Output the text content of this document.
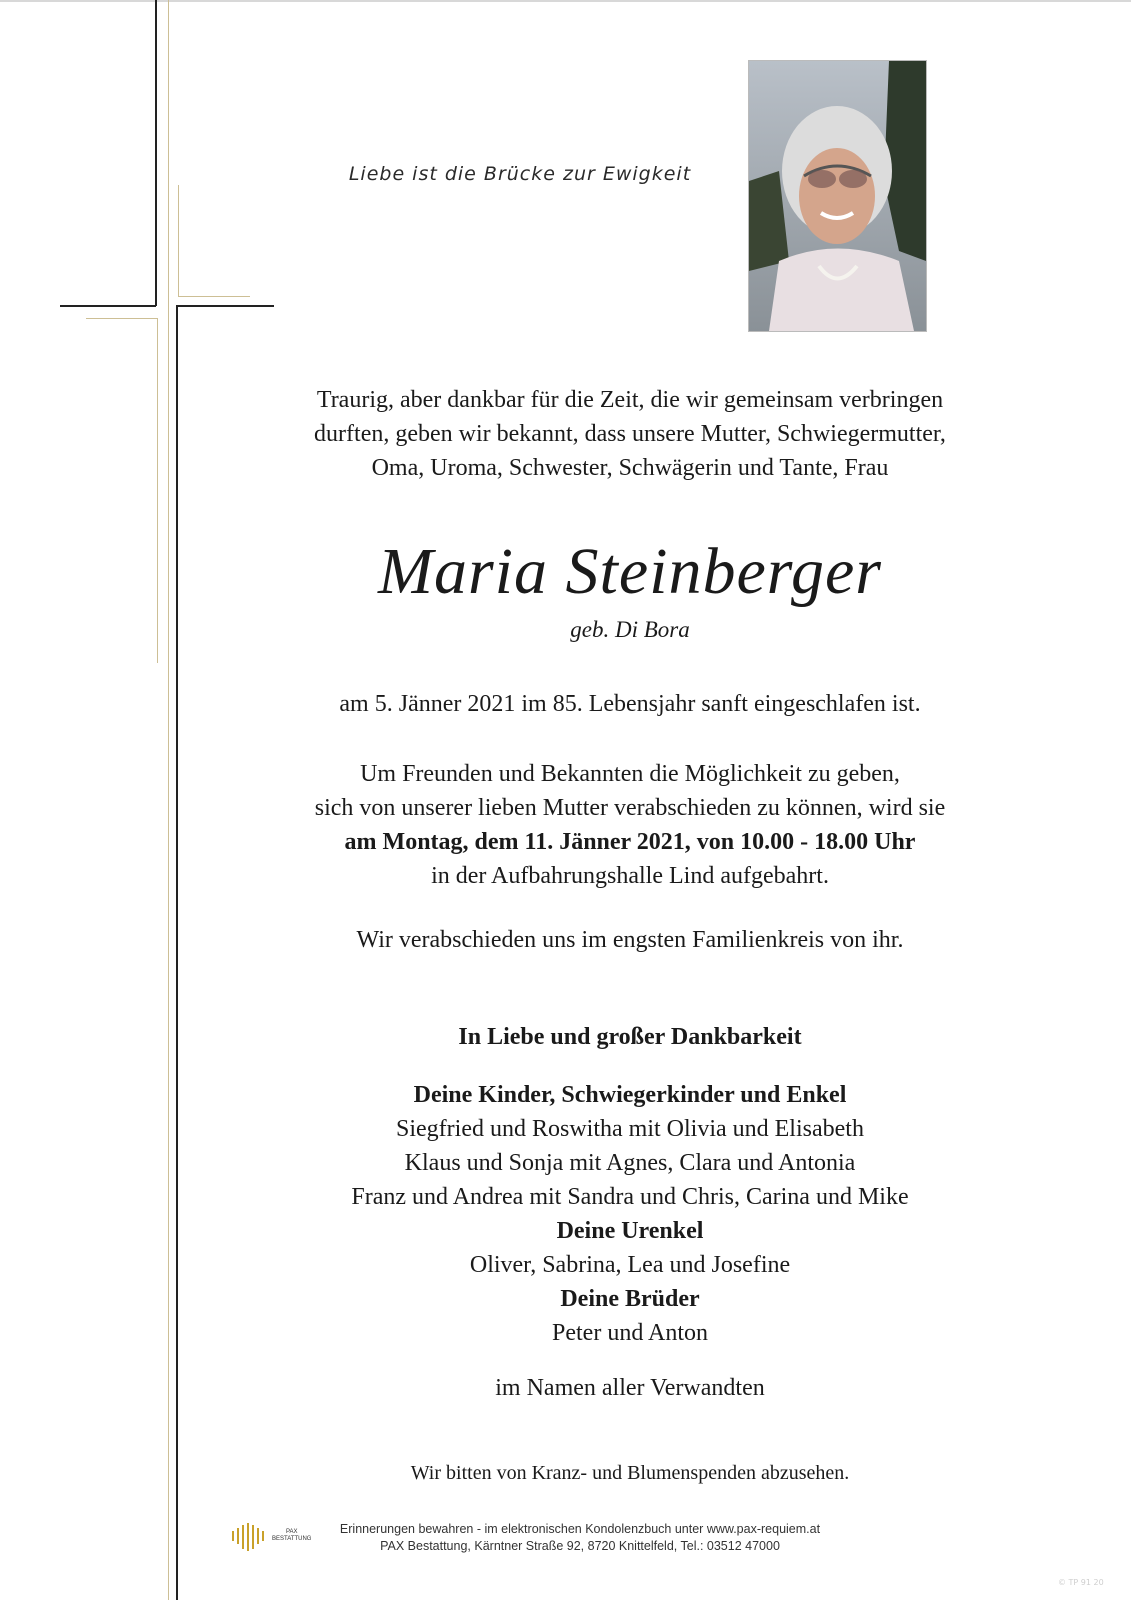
Liebe ist die Brücke zur Ewigkeit
Traurig, aber dankbar für die Zeit, die wir gemeinsam verbringen
durften, geben wir bekannt, dass unsere Mutter, Schwiegermutter,
Oma, Uroma, Schwester, Schwägerin und Tante, Frau
Maria Steinberger
geb. Di Bora
am 5. Jänner 2021 im 85. Lebensjahr sanft eingeschlafen ist.
Um Freunden und Bekannten die Möglichkeit zu geben,
sich von unserer lieben Mutter verabschieden zu können, wird sie
am Montag, dem 11. Jänner 2021, von 10.00 - 18.00 Uhr
in der Aufbahrungshalle Lind aufgebahrt.
Wir verabschieden uns im engsten Familienkreis von ihr.
In Liebe und großer Dankbarkeit
Deine Kinder, Schwiegerkinder und Enkel
Siegfried und Roswitha mit Olivia und Elisabeth
Klaus und Sonja mit Agnes, Clara und Antonia
Franz und Andrea mit Sandra und Chris, Carina und Mike
Deine Urenkel
Oliver, Sabrina, Lea und Josefine
Deine Brüder
Peter und Anton
im Namen aller Verwandten
Wir bitten von Kranz- und Blumenspenden abzusehen.
PAX
BESTATTUNG
Erinnerungen bewahren - im elektronischen Kondolenzbuch unter www.pax-requiem.at
PAX Bestattung, Kärntner Straße 92, 8720 Knittelfeld, Tel.: 03512 47000
© TP 91 20
